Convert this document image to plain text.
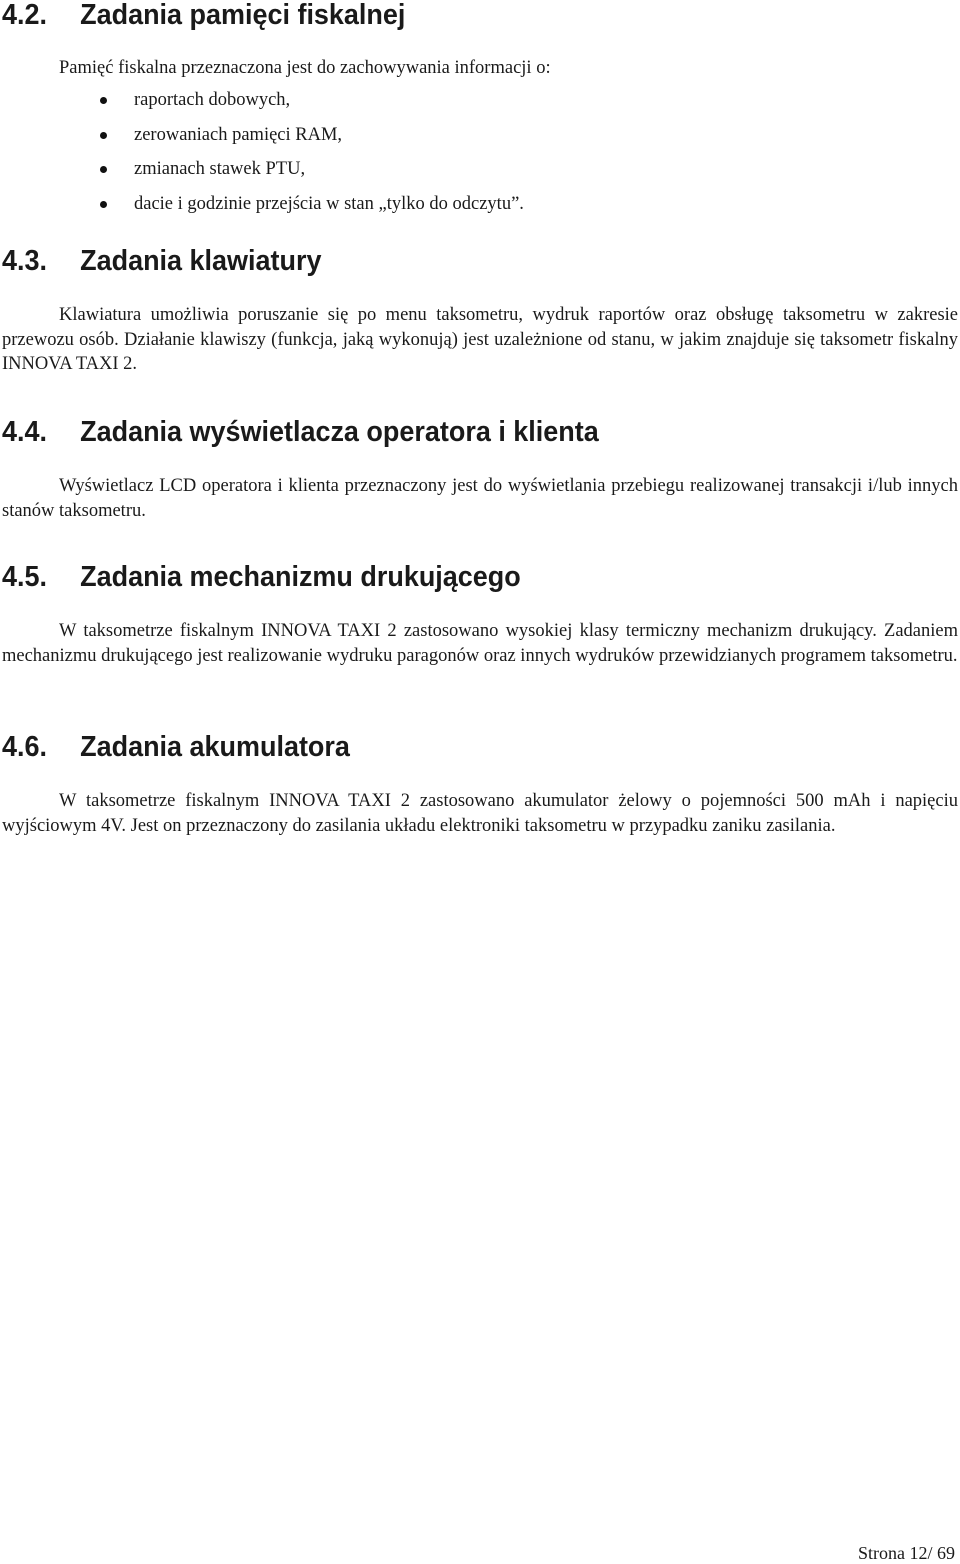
4.2. Zadania pamięci fiskalnej

Pamięć fiskalna przeznaczona jest do zachowywania informacji o:

raportach dobowych,
zerowaniach pamięci RAM,
zmianach stawek PTU,
dacie i godzinie przejścia w stan „tylko do odczytu”.
4.3. Zadania klawiatury

Klawiatura umożliwia poruszanie się po menu taksometru, wydruk raportów oraz obsługę taksometru w zakresie przewozu osób. Działanie klawiszy (funkcja, jaką wykonują) jest uzależnione od stanu, w jakim znajduje się taksometr fiskalny INNOVA TAXI 2.

4.4. Zadania wyświetlacza operatora i klienta

Wyświetlacz LCD operatora i klienta przeznaczony jest do wyświetlania przebiegu realizowanej transakcji i/lub innych stanów taksometru.

4.5. Zadania mechanizmu drukującego

W taksometrze fiskalnym INNOVA TAXI 2 zastosowano wysokiej klasy termiczny mechanizm drukujący. Zadaniem mechanizmu drukującego jest realizowanie wydruku paragonów oraz innych wydruków przewidzianych programem taksometru.

4.6. Zadania akumulatora

W taksometrze fiskalnym INNOVA TAXI 2 zastosowano akumulator żelowy o pojemności 500 mAh i napięciu wyjściowym 4V. Jest on przeznaczony do zasilania układu elektroniki taksometru w przypadku zaniku zasilania.

Strona 12/ 69
